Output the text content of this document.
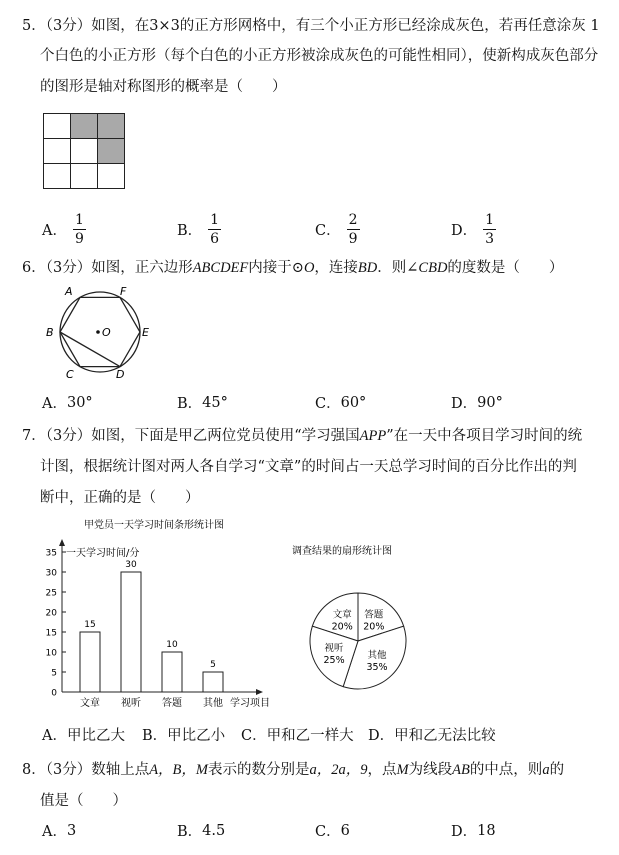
5．（3分）如图，在3×3的正方形网格中，有三个小正方形已经涂成灰色，若再任意涂灰 1
个白色的小正方形（每个白色的小正方形被涂成灰色的可能性相同），使新构成灰色部分
的图形是轴对称图形的概率是（　　）

A． $\frac{1}{9}$	B． $\frac{1}{6}$	C． $\frac{2}{9}$	D． $\frac{1}{3}$
6．（3分）如图，正六边形ABCDEF内接于⊙O，连接BD．则∠CBD的度数是（　　）
A	F
B	E
C	D
O
A． 30°	B． 45°	C． 60°	D． 90°
7．（3分）如图，下面是甲乙两位党员使用“学习强国APP”在一天中各项目学习时间的统
计图，根据统计图对两人各自学习“文章”的时间占一天总学习时间的百分比作出的判
断中，正确的是（　　）
甲党员一天学习时间条形统计图
一天学习时间/分
0
5
10
15
20
25
30
35
15
文章
30
视听
10
答题
5
其他 学习项目
调查结果的扇形统计图
文章
20%
答题
20%
其他
35%
视听
25%
A． 甲比乙大 B． 甲比乙小 C． 甲和乙一样大 D． 甲和乙无法比较
8．（3分）数轴上点A，B，M表示的数分别是a，2a，9，点M为线段AB的中点，则a的
值是（　　）
A． 3	B． 4.5	C． 6	D． 18
